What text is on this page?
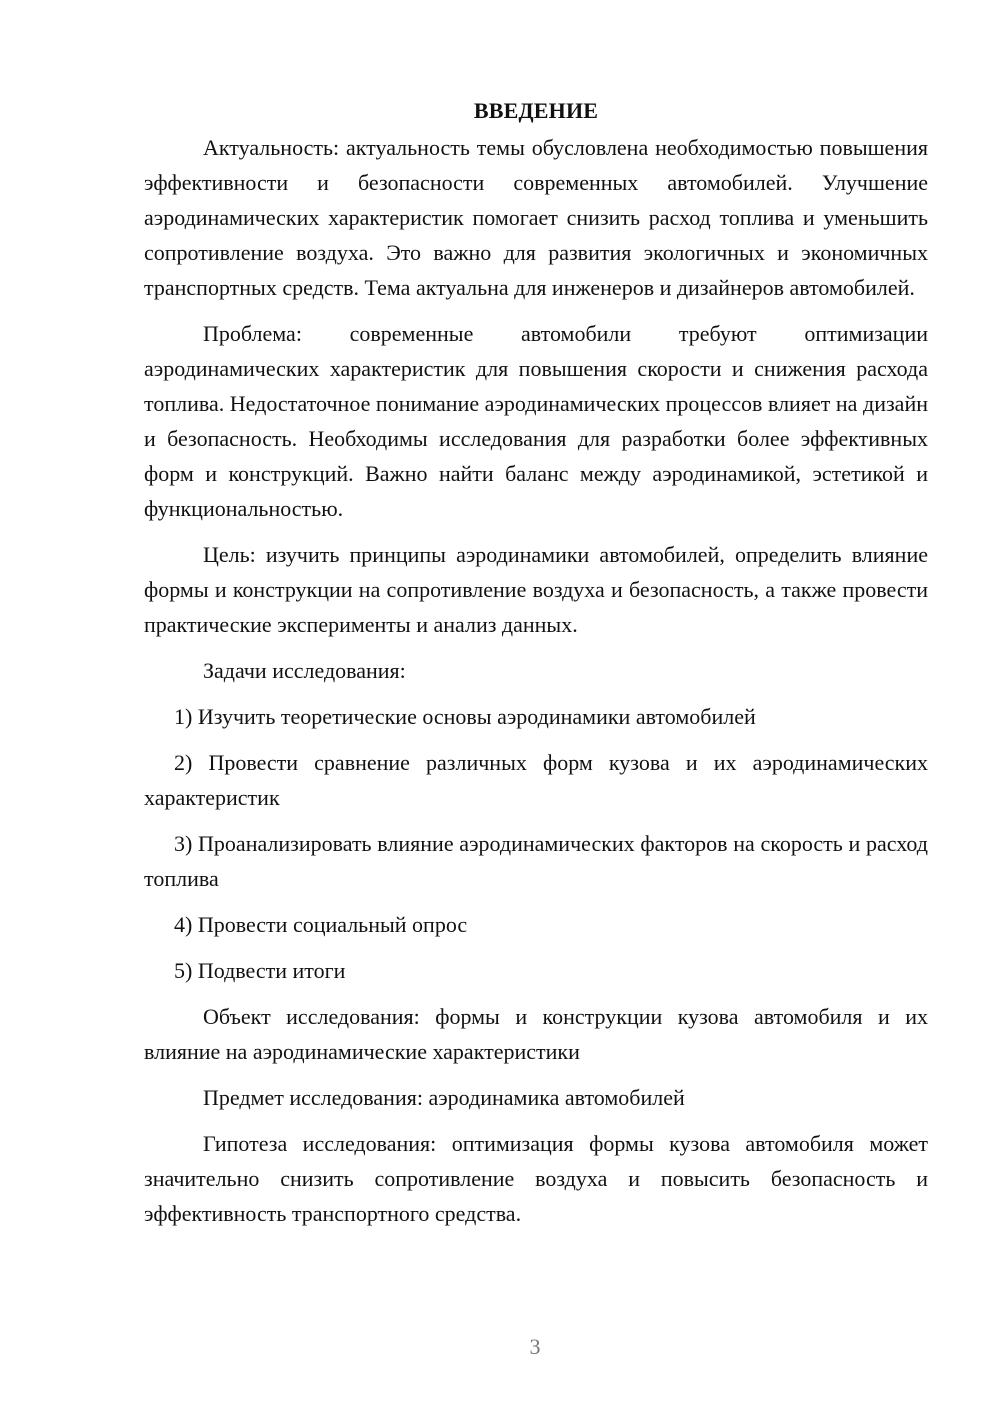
ВВЕДЕНИЕ

Актуальность: актуальность темы обусловлена необходимостью повышения эффективности и безопасности современных автомобилей. Улучшение аэродинамических характеристик помогает снизить расход топлива и уменьшить сопротивление воздуха. Это важно для развития экологичных и экономичных транспортных средств. Тема актуальна для инженеров и дизайнеров автомобилей.

Проблема: современные автомобили требуют оптимизации аэродинамических характеристик для повышения скорости и снижения расхода топлива. Недостаточное понимание аэродинамических процессов влияет на дизайн и безопасность. Необходимы исследования для разработки более эффективных форм и конструкций. Важно найти баланс между аэродинамикой, эстетикой и функциональностью.

Цель: изучить принципы аэродинамики автомобилей, определить влияние формы и конструкции на сопротивление воздуха и безопасность, а также провести практические эксперименты и анализ данных.

Задачи исследования:

1) Изучить теоретические основы аэродинамики автомобилей

2) Провести сравнение различных форм кузова и их аэродинамических характеристик

3) Проанализировать влияние аэродинамических факторов на скорость и расход топлива

4) Провести социальный опрос

5) Подвести итоги

Объект исследования: формы и конструкции кузова автомобиля и их влияние на аэродинамические характеристики

Предмет исследования: аэродинамика автомобилей

Гипотеза исследования: оптимизация формы кузова автомобиля может значительно снизить сопротивление воздуха и повысить безопасность и эффективность транспортного средства.

3
